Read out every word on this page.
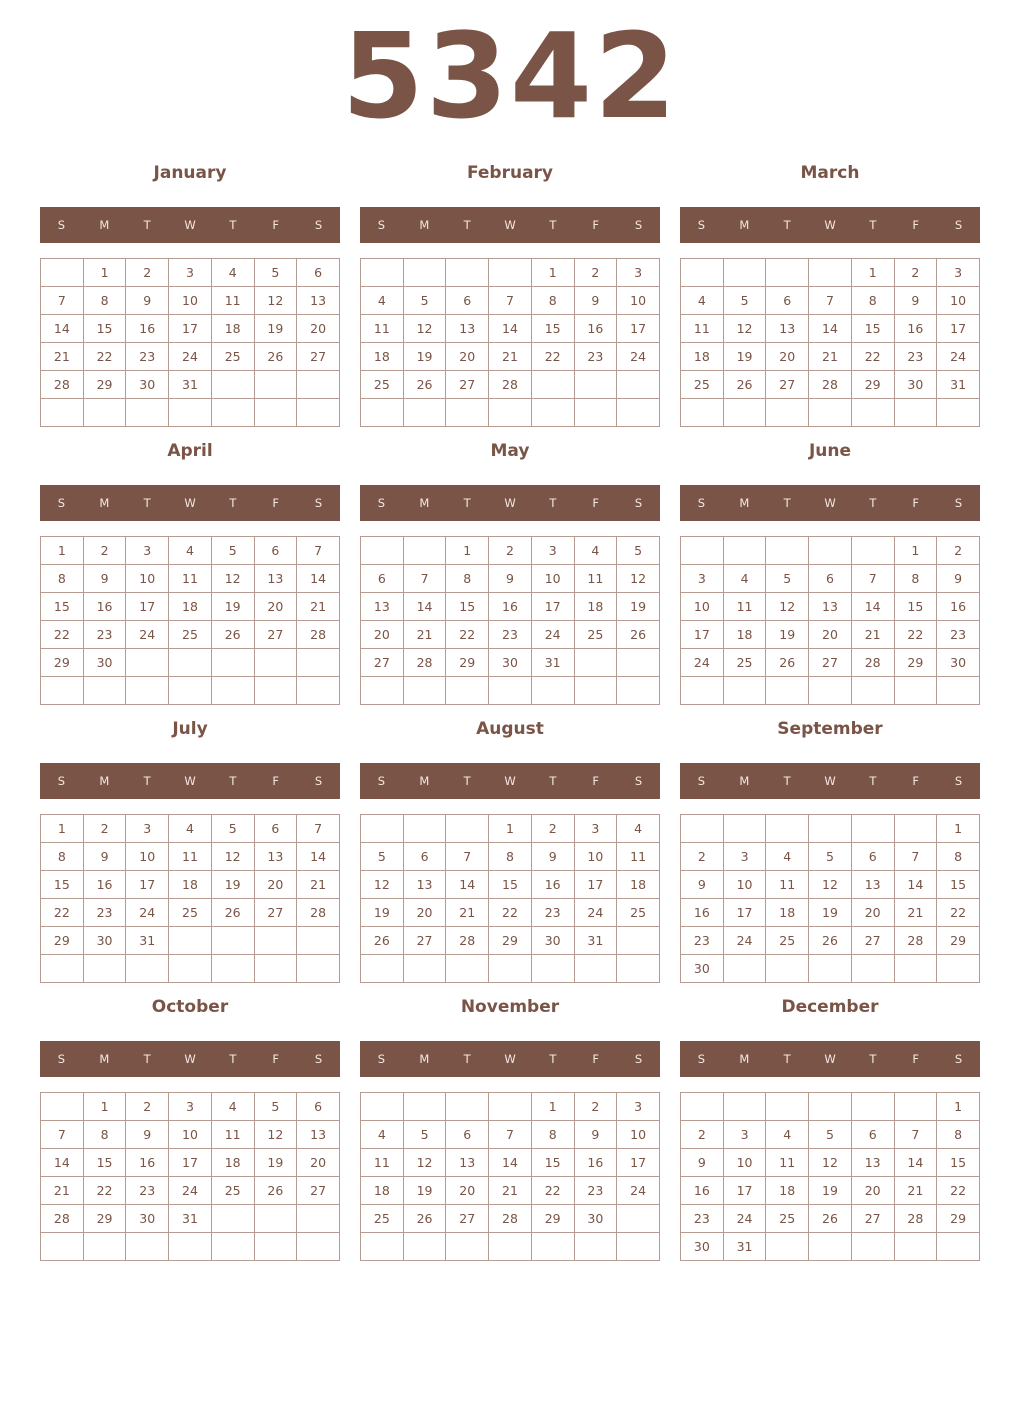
5342
January
S	M	T	W	T	F	S
	1	2	3	4	5	6
7	8	9	10	11	12	13
14	15	16	17	18	19	20
21	22	23	24	25	26	27
28	29	30	31			

February
S	M	T	W	T	F	S
				1	2	3
4	5	6	7	8	9	10
11	12	13	14	15	16	17
18	19	20	21	22	23	24
25	26	27	28			

March
S	M	T	W	T	F	S
				1	2	3
4	5	6	7	8	9	10
11	12	13	14	15	16	17
18	19	20	21	22	23	24
25	26	27	28	29	30	31

April
S	M	T	W	T	F	S
1	2	3	4	5	6	7
8	9	10	11	12	13	14
15	16	17	18	19	20	21
22	23	24	25	26	27	28
29	30					

May
S	M	T	W	T	F	S
		1	2	3	4	5
6	7	8	9	10	11	12
13	14	15	16	17	18	19
20	21	22	23	24	25	26
27	28	29	30	31		

June
S	M	T	W	T	F	S
					1	2
3	4	5	6	7	8	9
10	11	12	13	14	15	16
17	18	19	20	21	22	23
24	25	26	27	28	29	30

July
S	M	T	W	T	F	S
1	2	3	4	5	6	7
8	9	10	11	12	13	14
15	16	17	18	19	20	21
22	23	24	25	26	27	28
29	30	31				

August
S	M	T	W	T	F	S
			1	2	3	4
5	6	7	8	9	10	11
12	13	14	15	16	17	18
19	20	21	22	23	24	25
26	27	28	29	30	31	

September
S	M	T	W	T	F	S
						1
2	3	4	5	6	7	8
9	10	11	12	13	14	15
16	17	18	19	20	21	22
23	24	25	26	27	28	29
30						
October
S	M	T	W	T	F	S
	1	2	3	4	5	6
7	8	9	10	11	12	13
14	15	16	17	18	19	20
21	22	23	24	25	26	27
28	29	30	31			

November
S	M	T	W	T	F	S
				1	2	3
4	5	6	7	8	9	10
11	12	13	14	15	16	17
18	19	20	21	22	23	24
25	26	27	28	29	30	

December
S	M	T	W	T	F	S
						1
2	3	4	5	6	7	8
9	10	11	12	13	14	15
16	17	18	19	20	21	22
23	24	25	26	27	28	29
30	31					
